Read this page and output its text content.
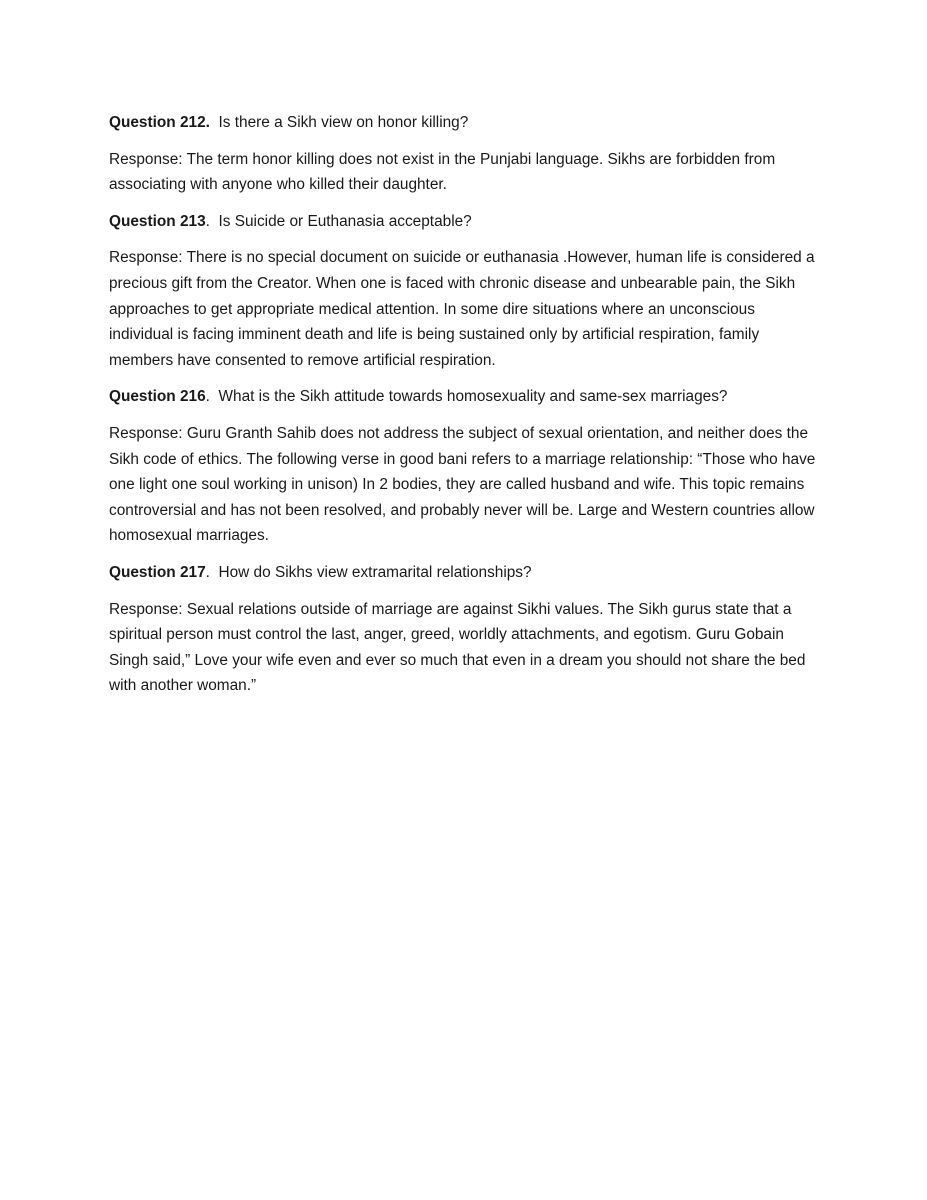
Question 212.  Is there a Sikh view on honor killing?

Response: The term honor killing does not exist in the Punjabi language. Sikhs are forbidden from associating with anyone who killed their daughter.

Question 213.  Is Suicide or Euthanasia acceptable?

Response: There is no special document on suicide or euthanasia .However, human life is considered a precious gift from the Creator. When one is faced with chronic disease and unbearable pain, the Sikh approaches to get appropriate medical attention. In some dire situations where an unconscious individual is facing imminent death and life is being sustained only by artificial respiration, family members have consented to remove artificial respiration.

Question 216.  What is the Sikh attitude towards homosexuality and same-sex marriages?

Response: Guru Granth Sahib does not address the subject of sexual orientation, and neither does the Sikh code of ethics. The following verse in good bani refers to a marriage relationship: “Those who have one light one soul working in unison) In 2 bodies, they are called husband and wife. This topic remains controversial and has not been resolved, and probably never will be. Large and Western countries allow homosexual marriages.

Question 217.  How do Sikhs view extramarital relationships?

Response: Sexual relations outside of marriage are against Sikhi values. The Sikh gurus state that a spiritual person must control the last, anger, greed, worldly attachments, and egotism. Guru Gobain Singh said,” Love your wife even and ever so much that even in a dream you should not share the bed with another woman.”
